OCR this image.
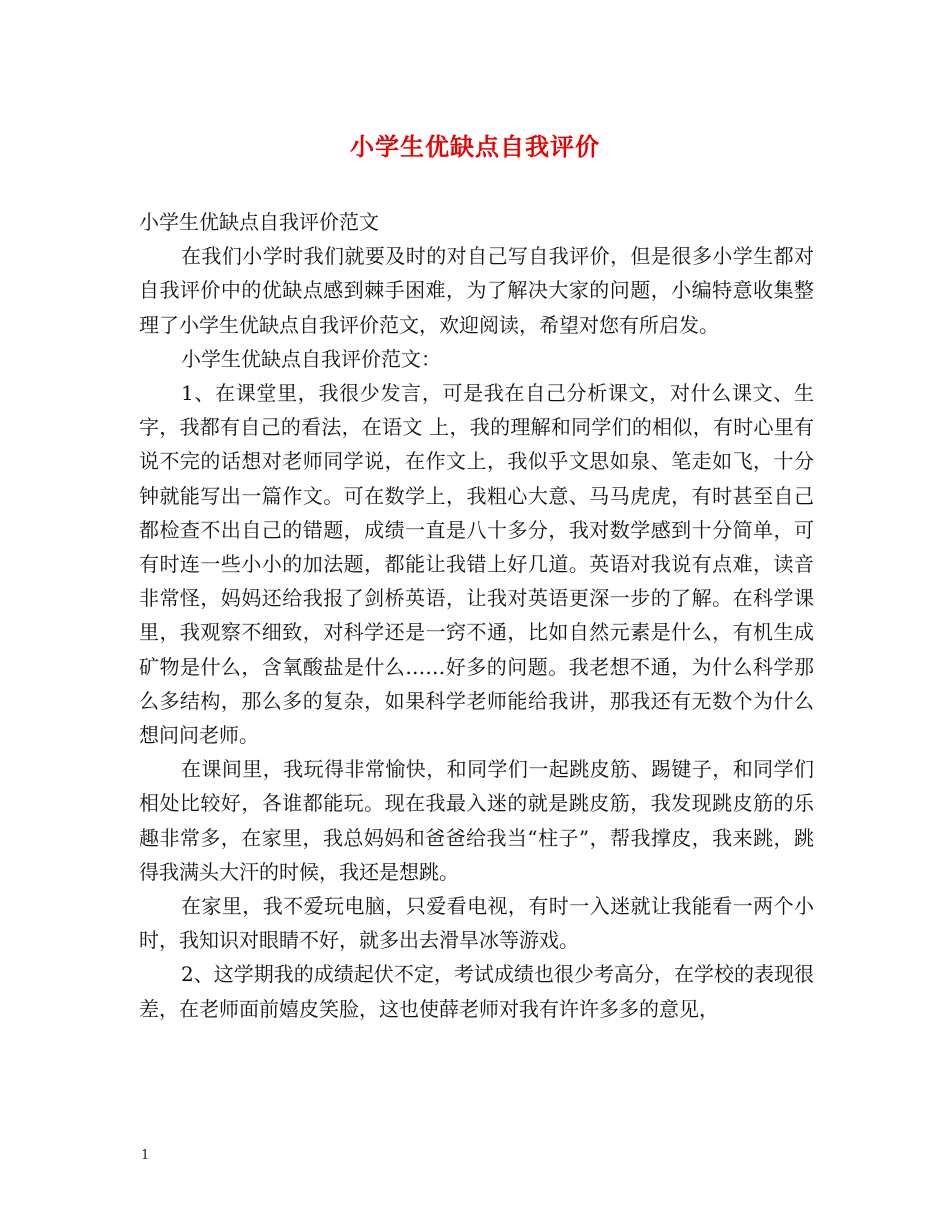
小学生优缺点自我评价

小学生优缺点自我评价范文

在我们小学时我们就要及时的对自己写自我评价，但是很多小学生都对自我评价中的优缺点感到棘手困难，为了解决大家的问题，小编特意收集整理了小学生优缺点自我评价范文，欢迎阅读，希望对您有所启发。

小学生优缺点自我评价范文：

1、在课堂里，我很少发言，可是我在自己分析课文，对什么课文、生字，我都有自己的看法，在语文 上，我的理解和同学们的相似，有时心里有说不完的话想对老师同学说，在作文上，我似乎文思如泉、笔走如飞，十分钟就能写出一篇作文。可在数学上，我粗心大意、马马虎虎，有时甚至自己都检查不出自己的错题，成绩一直是八十多分，我对数学感到十分简单，可有时连一些小小的加法题，都能让我错上好几道。英语对我说有点难，读音非常怪，妈妈还给我报了剑桥英语，让我对英语更深一步的了解。在科学课里，我观察不细致，对科学还是一窍不通，比如自然元素是什么，有机生成矿物是什么，含氧酸盐是什么……好多的问题。我老想不通，为什么科学那么多结构，那么多的复杂，如果科学老师能给我讲，那我还有无数个为什么想问问老师。

在课间里，我玩得非常愉快，和同学们一起跳皮筋、踢键子，和同学们相处比较好，各谁都能玩。现在我最入迷的就是跳皮筋，我发现跳皮筋的乐趣非常多，在家里，我总妈妈和爸爸给我当“柱子”，帮我撑皮，我来跳，跳得我满头大汗的时候，我还是想跳。

在家里，我不爱玩电脑，只爱看电视，有时一入迷就让我能看一两个小时，我知识对眼睛不好，就多出去滑旱冰等游戏。

2、这学期我的成绩起伏不定，考试成绩也很少考高分，在学校的表现很差，在老师面前嬉皮笑脸，这也使薛老师对我有许许多多的意见，

1
